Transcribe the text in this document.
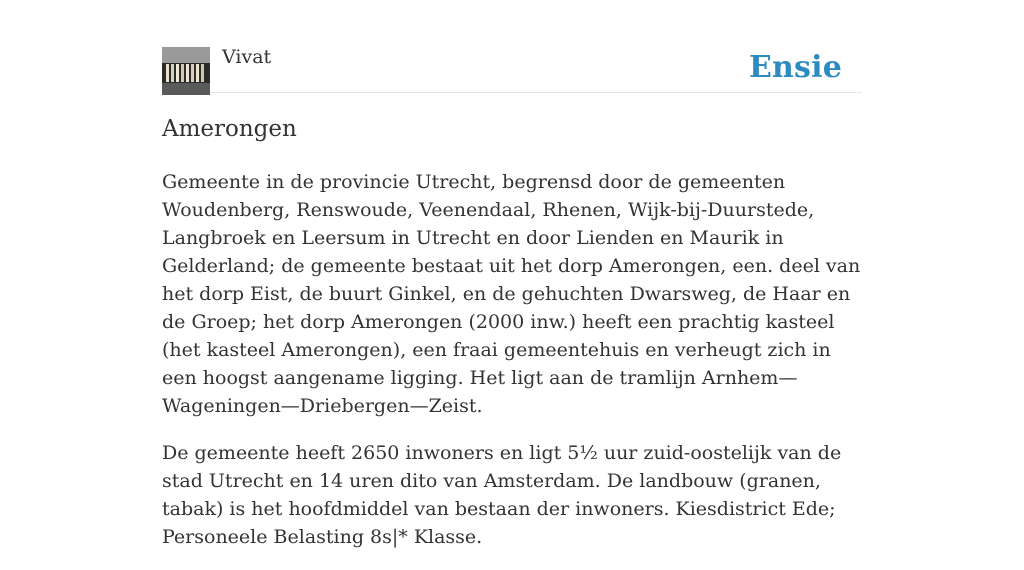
Vivat	Ensie
Amerongen

Gemeente in de provincie Utrecht, begrensd door de gemeenten Woudenberg, Renswoude, Veenendaal, Rhenen, Wijk-bij-Duurstede, Langbroek en Leersum in Utrecht en door Lienden en Maurik in Gelderland; de gemeente bestaat uit het dorp Amerongen, een. deel van het dorp Eist, de buurt Ginkel, en de gehuchten Dwarsweg, de Haar en de Groep; het dorp Amerongen (2000 inw.) heeft een prachtig kasteel (het kasteel Amerongen), een fraai gemeentehuis en verheugt zich in een hoogst aangename ligging. Het ligt aan de tramlijn Arnhem—Wageningen—Driebergen—Zeist.

De gemeente heeft 2650 inwoners en ligt 5½ uur zuid-oostelijk van de stad Utrecht en 14 uren dito van Amsterdam. De landbouw (granen, tabak) is het hoofdmiddel van bestaan der inwoners. Kiesdistrict Ede; Personeele Belasting 8s|* Klasse.
